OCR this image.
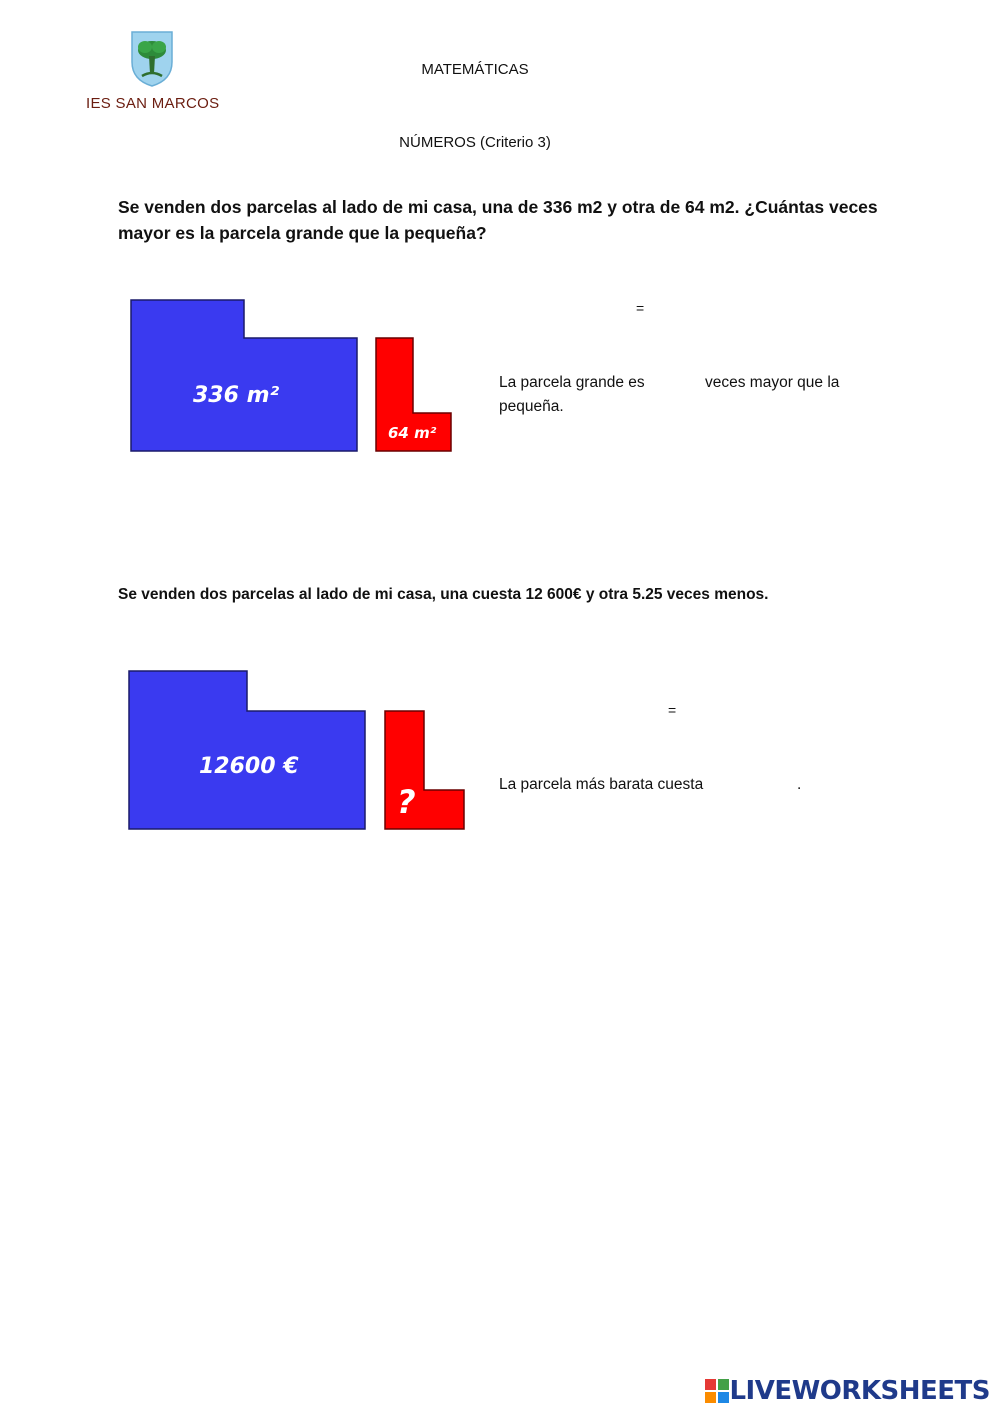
IES SAN MARCOS
MATEMÁTICAS
NÚMEROS (Criterio 3)
Se venden dos parcelas al lado de mi casa, una de 336 m2 y otra de 64 m2. ¿Cuántas veces mayor es la parcela grande que la pequeña?
336 m²
64 m²
=
La parcela grande es	veces mayor que la
pequeña.
Se venden dos parcelas al lado de mi casa, una cuesta 12 600€ y otra 5.25 veces menos.
12600 €
?
=
La parcela más barata cuesta	.
LIVEWORKSHEETS
